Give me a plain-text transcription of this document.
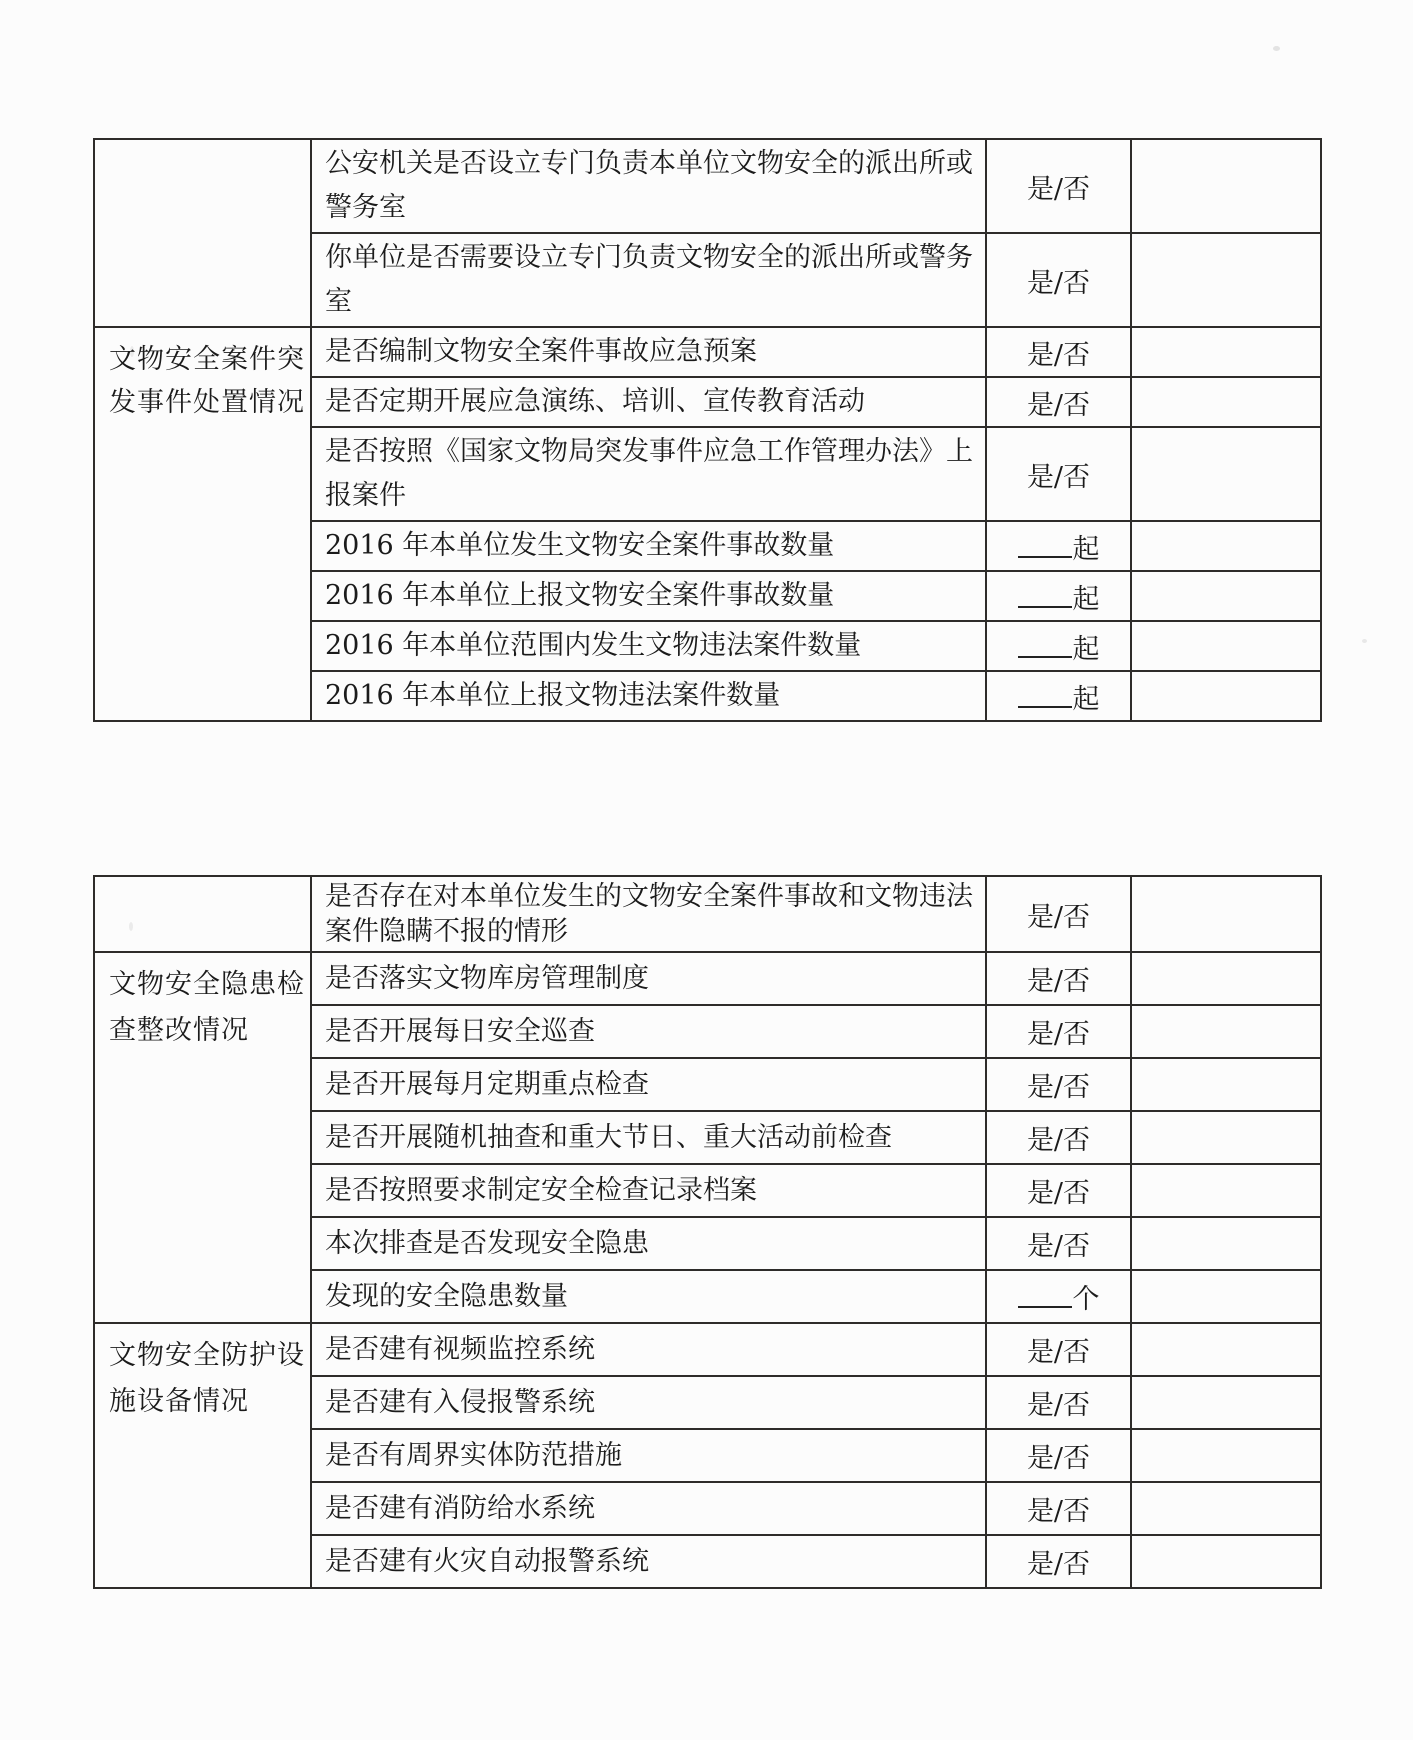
	公安机关是否设立专门负责本单位文物安全的派出所或警务室	是/否	
	你单位是否需要设立专门负责文物安全的派出所或警务室	是/否	
文物安全案件突发事件处置情况	是否编制文物安全案件事故应急预案	是/否	
	是否定期开展应急演练、培训、宣传教育活动	是/否	
	是否按照《国家文物局突发事件应急工作管理办法》上报案件	是/否	
	2016 年本单位发生文物安全案件事故数量	起	
	2016 年本单位上报文物安全案件事故数量	起	
	2016 年本单位范围内发生文物违法案件数量	起	
	2016 年本单位上报文物违法案件数量	起	
	是否存在对本单位发生的文物安全案件事故和文物违法案件隐瞒不报的情形	是/否	
文物安全隐患检查整改情况	是否落实文物库房管理制度	是/否	
	是否开展每日安全巡查	是/否	
	是否开展每月定期重点检查	是/否	
	是否开展随机抽查和重大节日、重大活动前检查	是/否	
	是否按照要求制定安全检查记录档案	是/否	
	本次排查是否发现安全隐患	是/否	
	发现的安全隐患数量	个	
文物安全防护设施设备情况	是否建有视频监控系统	是/否	
	是否建有入侵报警系统	是/否	
	是否有周界实体防范措施	是/否	
	是否建有消防给水系统	是/否	
	是否建有火灾自动报警系统	是/否	
